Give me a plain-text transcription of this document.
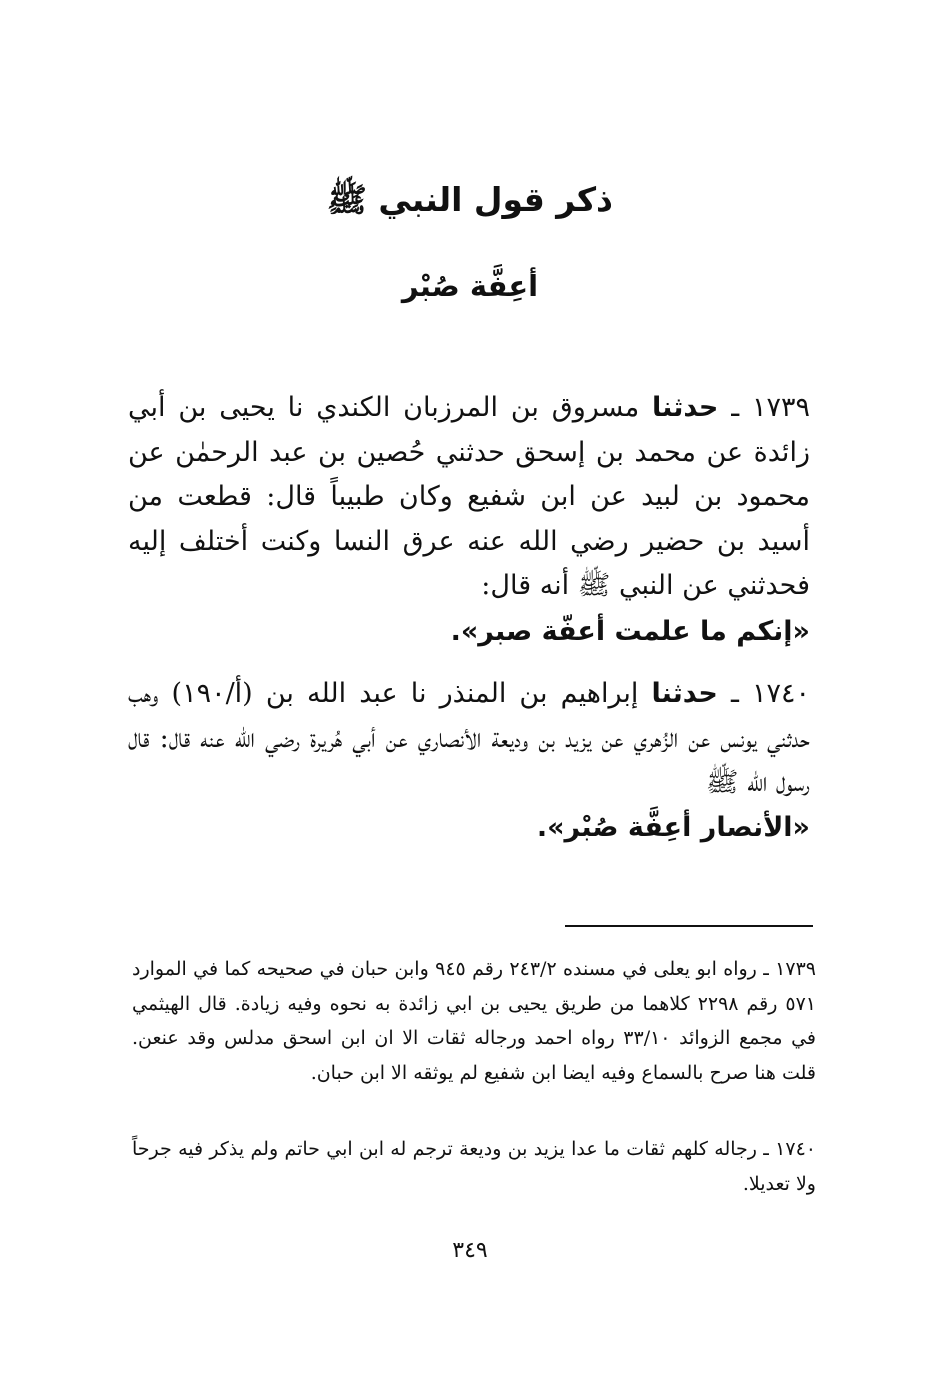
ذكر قول النبي ﷺ
أعِفَّة صُبْر
١٧٣٩ ـ حدثنا مسروق بن المرزبان الكندي نا يحيى بن أبي زائدة عن محمد بن إسحق حدثني حُصين بن عبد الرحمٰن عن محمود بن لبيد عن ابن شفيع وكان طبيباً قال: قطعت من أسيد بن حضير رضي الله عنه عرق النسا وكنت أختلف إليه فحدثني عن النبي ﷺ أنه قال:
«إنكم ما علمت أعفّة صبر».
١٧٤٠ ـ حدثنا إبراهيم بن المنذر نا عبد الله بن (أ/١٩٠) وهب حدثني يونس عن الزُهري عن يزيد بن وديعة الأنصاري عن أبي هُريرة رضي الله عنه قال: قال رسول الله ﷺ
«الأنصار أعِفَّة صُبْر».
١٧٣٩ ـ رواه ابو يعلى في مسنده ٢٤٣/٢ رقم ٩٤٥ وابن حبان في صحيحه كما في الموارد ٥٧١ رقم ٢٢٩٨ كلاهما من طريق يحيى بن ابي زائدة به نحوه وفيه زيادة. قال الهيثمي في مجمع الزوائد ٣٣/١٠ رواه احمد ورجاله ثقات الا ان ابن اسحق مدلس وقد عنعن. قلت هنا صرح بالسماع وفيه ايضا ابن شفيع لم يوثقه الا ابن حبان.
١٧٤٠ ـ رجاله كلهم ثقات ما عدا يزيد بن وديعة ترجم له ابن ابي حاتم ولم يذكر فيه جرحاً ولا تعديلا.
٣٤٩
